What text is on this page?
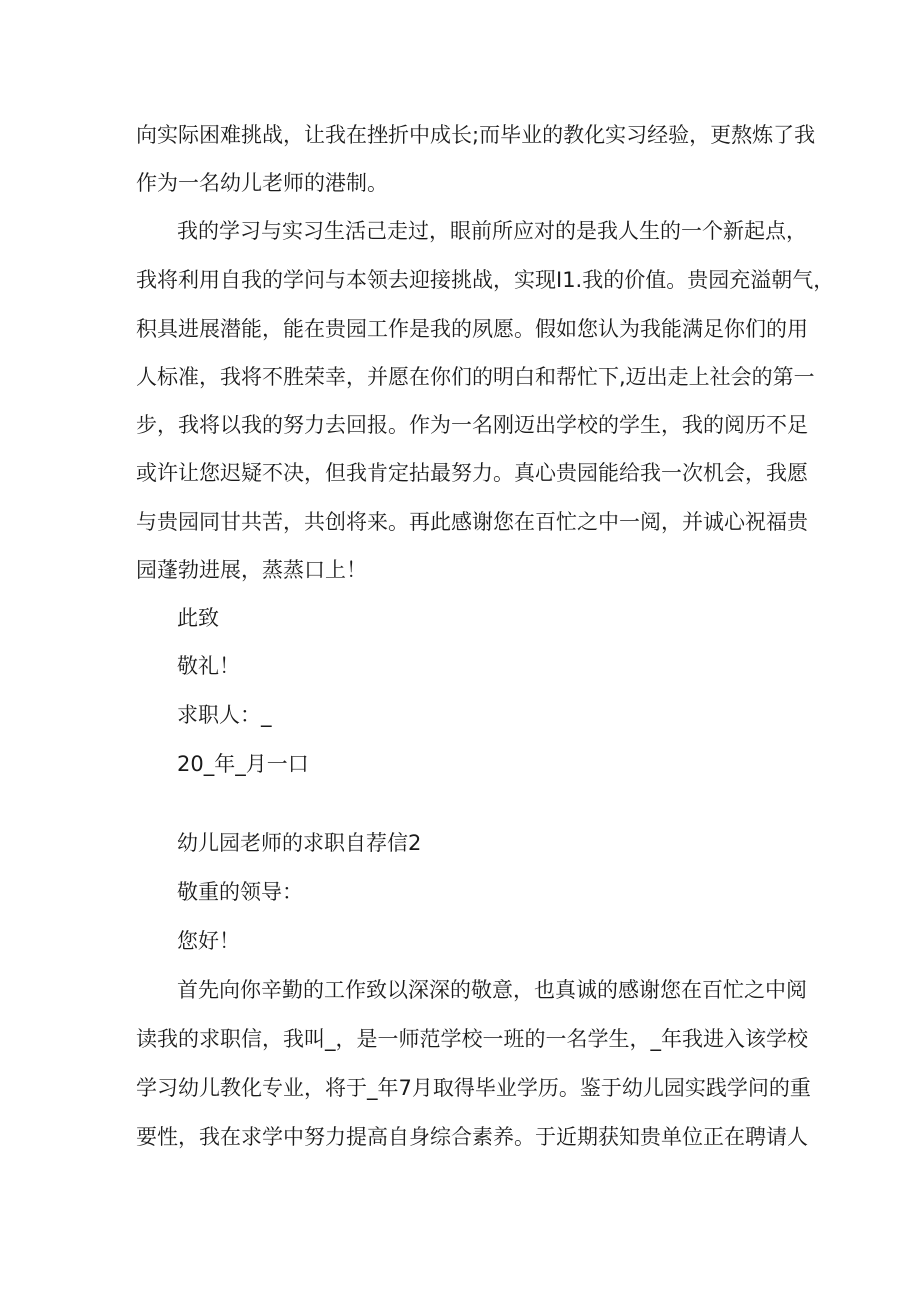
向实际困难挑战，让我在挫折中成长;而毕业的教化实习经验，更熬炼了我

作为一名幼儿老师的港制。

我的学习与实习生活己走过，眼前所应对的是我人生的一个新起点，

我将利用自我的学问与本领去迎接挑战，实现I1.我的价值。贵园充溢朝气，

积具进展潜能，能在贵园工作是我的夙愿。假如您认为我能满足你们的用

人标准，我将不胜荣幸，并愿在你们的明白和帮忙下,迈出走上社会的第一

步，我将以我的努力去回报。作为一名刚迈出学校的学生，我的阅历不足

或许让您迟疑不决，但我肯定拈最努力。真心贵园能给我一次机会，我愿

与贵园同甘共苦，共创将来。再此感谢您在百忙之中一阅，并诚心祝福贵

园蓬勃进展，蒸蒸口上！

此致

敬礼！

求职人：_

20_年_月一口

幼儿园老师的求职自荐信2

敬重的领导：

您好！

首先向你辛勤的工作致以深深的敬意，也真诚的感谢您在百忙之中阅

读我的求职信，我叫_，是一师范学校一班的一名学生，_年我进入该学校

学习幼儿教化专业，将于_年7月取得毕业学历。鉴于幼儿园实践学问的重

要性，我在求学中努力提高自身综合素养。于近期获知贵单位正在聘请人
